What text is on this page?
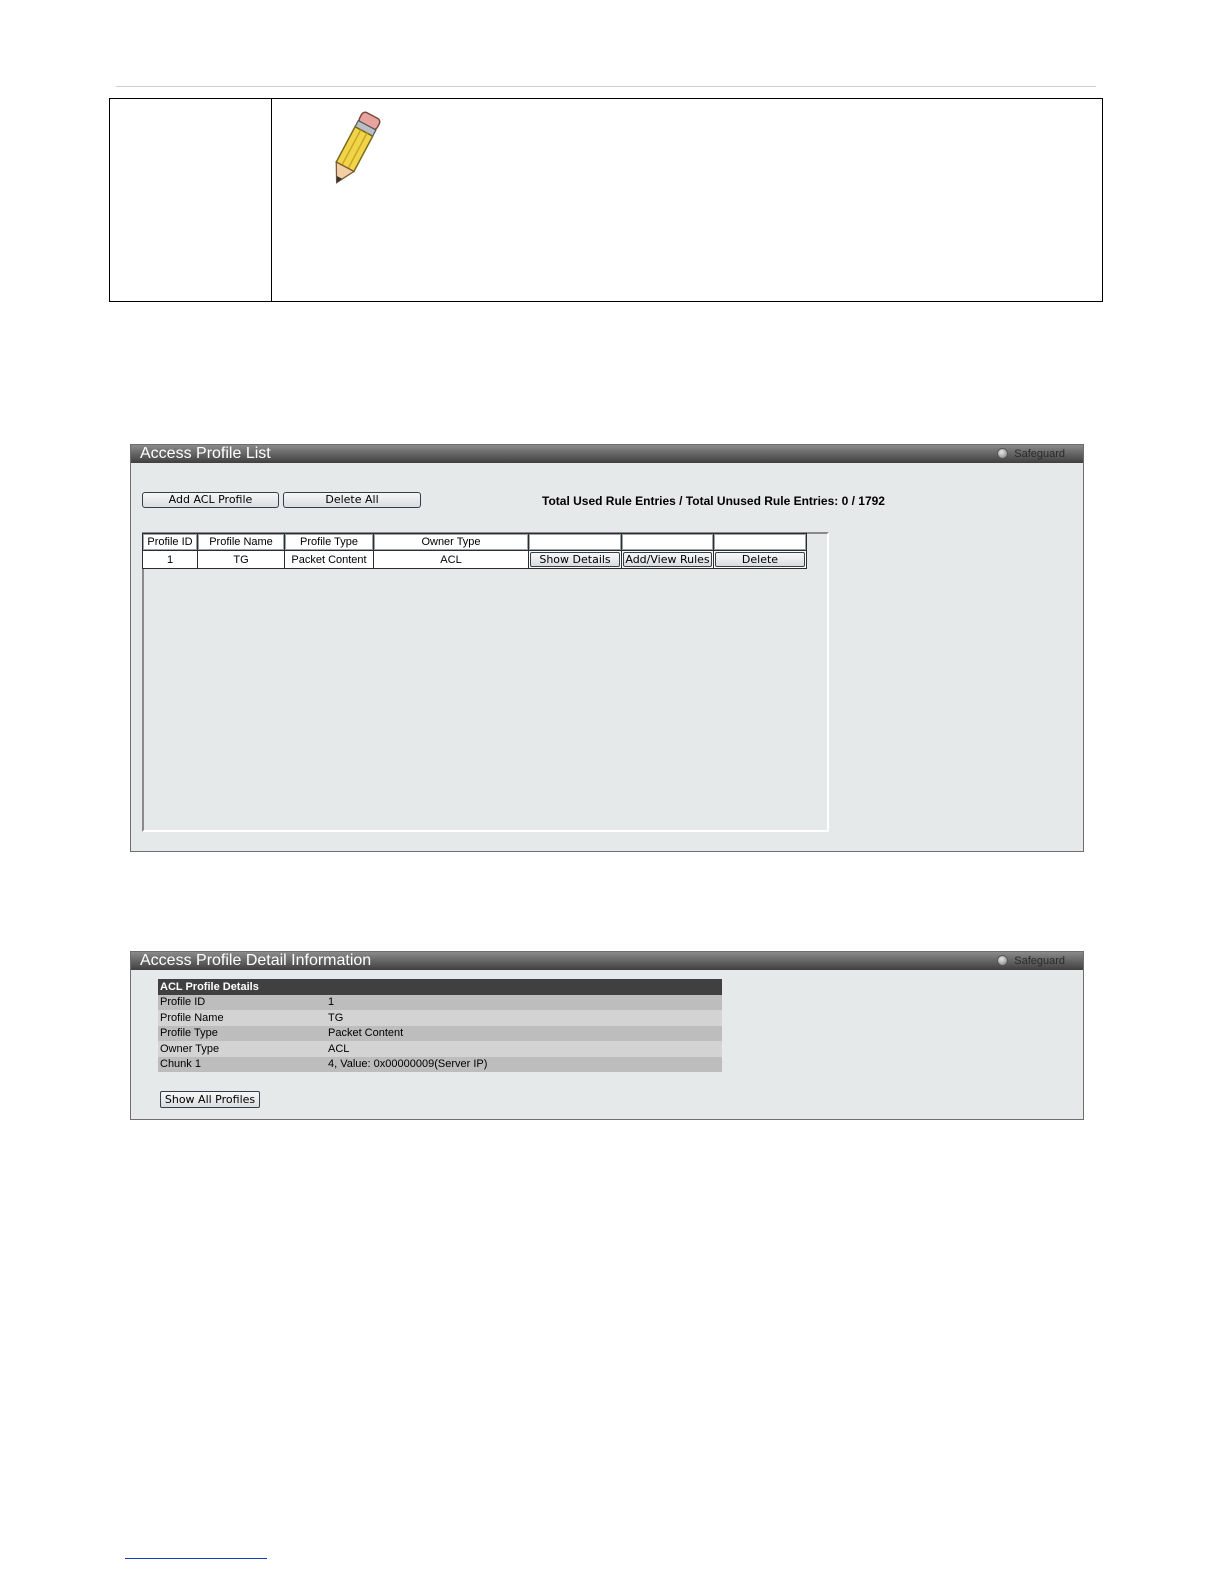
Access Profile List	Safeguard
Add ACL Profile	Delete All	Total Used Rule Entries / Total Unused Rule Entries: 0 / 1792
Profile ID	Profile Name	Profile Type	Owner Type			
1	TG	Packet Content	ACL	Show Details	Add/View Rules	Delete
Access Profile Detail Information	Safeguard
ACL Profile Details	
Profile ID	1
Profile Name	TG
Profile Type	Packet Content
Owner Type	ACL
Chunk 1	4, Value: 0x00000009(Server IP)
Show All Profiles
